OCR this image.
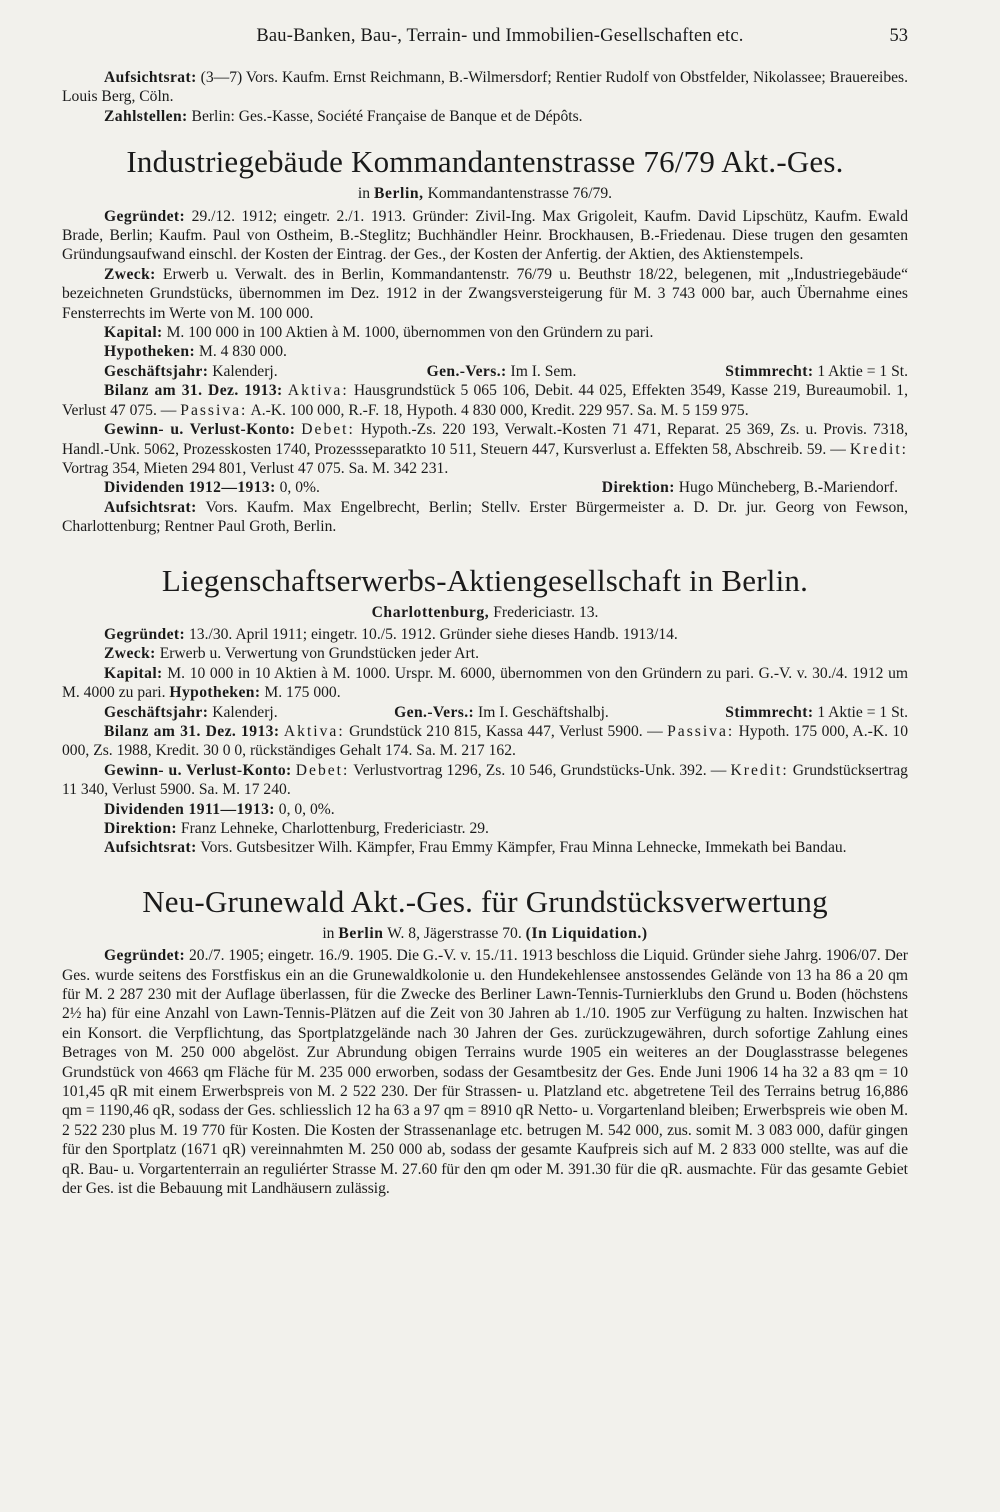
Bau-Banken, Bau-, Terrain- und Immobilien-Gesellschaften etc.	53

Aufsichtsrat: (3—7) Vors. Kaufm. Ernst Reichmann, B.-Wilmersdorf; Rentier Rudolf von Obstfelder, Nikolassee; Brauereibes. Louis Berg, Cöln.

Zahlstellen: Berlin: Ges.-Kasse, Société Française de Banque et de Dépôts.

Industriegebäude Kommandantenstrasse 76/79 Akt.-Ges.
in Berlin, Kommandantenstrasse 76/79.

Gegründet: 29./12. 1912; eingetr. 2./1. 1913. Gründer: Zivil-Ing. Max Grigoleit, Kaufm. David Lipschütz, Kaufm. Ewald Brade, Berlin; Kaufm. Paul von Ostheim, B.-Steglitz; Buchhändler Heinr. Brockhausen, B.-Friedenau. Diese trugen den gesamten Gründungsaufwand einschl. der Kosten der Eintrag. der Ges., der Kosten der Anfertig. der Aktien, des Aktienstempels.

Zweck: Erwerb u. Verwalt. des in Berlin, Kommandantenstr. 76/79 u. Beuthstr 18/22, belegenen, mit „Industriegebäude“ bezeichneten Grundstücks, übernommen im Dez. 1912 in der Zwangsversteigerung für M. 3 743 000 bar, auch Übernahme eines Fensterrechts im Werte von M. 100 000.

Kapital: M. 100 000 in 100 Aktien à M. 1000, übernommen von den Gründern zu pari.

Hypotheken: M. 4 830 000.

Geschäftsjahr: Kalenderj.	Gen.-Vers.: Im I. Sem.	Stimmrecht: 1 Aktie = 1 St.

Bilanz am 31. Dez. 1913: Aktiva: Hausgrundstück 5 065 106, Debit. 44 025, Effekten 3549, Kasse 219, Bureaumobil. 1, Verlust 47 075. — Passiva: A.-K. 100 000, R.-F. 18, Hypoth. 4 830 000, Kredit. 229 957. Sa. M. 5 159 975.

Gewinn- u. Verlust-Konto: Debet: Hypoth.-Zs. 220 193, Verwalt.-Kosten 71 471, Reparat. 25 369, Zs. u. Provis. 7318, Handl.-Unk. 5062, Prozesskosten 1740, Prozessseparatkto 10 511, Steuern 447, Kursverlust a. Effekten 58, Abschreib. 59. — Kredit: Vortrag 354, Mieten 294 801, Verlust 47 075. Sa. M. 342 231.

Dividenden 1912—1913: 0, 0%.	Direktion: Hugo Müncheberg, B.-Mariendorf.

Aufsichtsrat: Vors. Kaufm. Max Engelbrecht, Berlin; Stellv. Erster Bürgermeister a. D. Dr. jur. Georg von Fewson, Charlottenburg; Rentner Paul Groth, Berlin.

Liegenschaftserwerbs-Aktiengesellschaft in Berlin.
Charlottenburg, Fredericiastr. 13.

Gegründet: 13./30. April 1911; eingetr. 10./5. 1912. Gründer siehe dieses Handb. 1913/14.

Zweck: Erwerb u. Verwertung von Grundstücken jeder Art.

Kapital: M. 10 000 in 10 Aktien à M. 1000. Urspr. M. 6000, übernommen von den Gründern zu pari. G.-V. v. 30./4. 1912 um M. 4000 zu pari. Hypotheken: M. 175 000.

Geschäftsjahr: Kalenderj.	Gen.-Vers.: Im I. Geschäftshalbj.	Stimmrecht: 1 Aktie = 1 St.

Bilanz am 31. Dez. 1913: Aktiva: Grundstück 210 815, Kassa 447, Verlust 5900. — Passiva: Hypoth. 175 000, A.-K. 10 000, Zs. 1988, Kredit. 30 0 0, rückständiges Gehalt 174. Sa. M. 217 162.

Gewinn- u. Verlust-Konto: Debet: Verlustvortrag 1296, Zs. 10 546, Grundstücks-Unk. 392. — Kredit: Grundstücksertrag 11 340, Verlust 5900. Sa. M. 17 240.

Dividenden 1911—1913: 0, 0, 0%.

Direktion: Franz Lehneke, Charlottenburg, Fredericiastr. 29.

Aufsichtsrat: Vors. Gutsbesitzer Wilh. Kämpfer, Frau Emmy Kämpfer, Frau Minna Lehnecke, Immekath bei Bandau.

Neu-Grunewald Akt.-Ges. für Grundstücksverwertung
in Berlin W. 8, Jägerstrasse 70. (In Liquidation.)

Gegründet: 20./7. 1905; eingetr. 16./9. 1905. Die G.-V. v. 15./11. 1913 beschloss die Liquid. Gründer siehe Jahrg. 1906/07. Der Ges. wurde seitens des Forstfiskus ein an die Grunewaldkolonie u. den Hundekehlensee anstossendes Gelände von 13 ha 86 a 20 qm für M. 2 287 230 mit der Auflage überlassen, für die Zwecke des Berliner Lawn-Tennis-Turnierklubs den Grund u. Boden (höchstens 2½ ha) für eine Anzahl von Lawn-Tennis-Plätzen auf die Zeit von 30 Jahren ab 1./10. 1905 zur Verfügung zu halten. Inzwischen hat ein Konsort. die Verpflichtung, das Sportplatzgelände nach 30 Jahren der Ges. zurückzugewähren, durch sofortige Zahlung eines Betrages von M. 250 000 abgelöst. Zur Abrundung obigen Terrains wurde 1905 ein weiteres an der Douglasstrasse belegenes Grundstück von 4663 qm Fläche für M. 235 000 erworben, sodass der Gesamtbesitz der Ges. Ende Juni 1906 14 ha 32 a 83 qm = 10 101,45 qR mit einem Erwerbspreis von M. 2 522 230. Der für Strassen- u. Platzland etc. abgetretene Teil des Terrains betrug 16,886 qm = 1190,46 qR, sodass der Ges. schliesslich 12 ha 63 a 97 qm = 8910 qR Netto- u. Vorgartenland bleiben; Erwerbspreis wie oben M. 2 522 230 plus M. 19 770 für Kosten. Die Kosten der Strassenanlage etc. betrugen M. 542 000, zus. somit M. 3 083 000, dafür gingen für den Sportplatz (1671 qR) vereinnahmten M. 250 000 ab, sodass der gesamte Kaufpreis sich auf M. 2 833 000 stellte, was auf die qR. Bau- u. Vorgartenterrain an reguliérter Strasse M. 27.60 für den qm oder M. 391.30 für die qR. ausmachte. Für das gesamte Gebiet der Ges. ist die Bebauung mit Landhäusern zulässig.
